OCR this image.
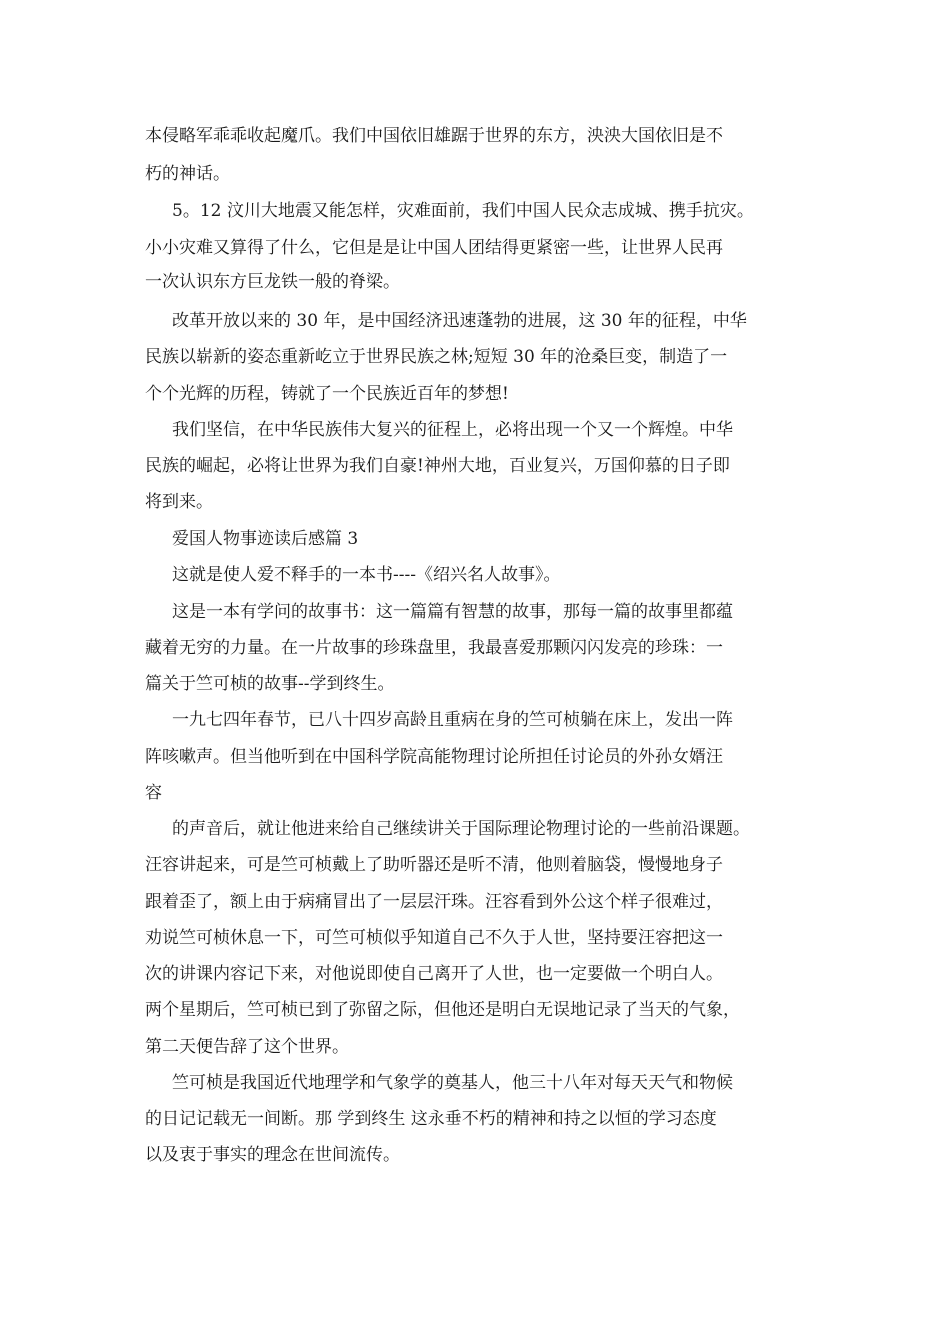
本侵略军乖乖收起魔爪。我们中国依旧雄踞于世界的东方，泱泱大国依旧是不
朽的神话。
5。12 汶川大地震又能怎样，灾难面前，我们中国人民众志成城、携手抗灾。
小小灾难又算得了什么，它但是是让中国人团结得更紧密一些，让世界人民再
一次认识东方巨龙铁一般的脊梁。
改革开放以来的 30 年，是中国经济迅速蓬勃的进展，这 30 年的征程，中华
民族以崭新的姿态重新屹立于世界民族之林;短短 30 年的沧桑巨变，制造了一
个个光辉的历程，铸就了一个民族近百年的梦想!
我们坚信，在中华民族伟大复兴的征程上，必将出现一个又一个辉煌。中华
民族的崛起，必将让世界为我们自豪!神州大地，百业复兴，万国仰慕的日子即
将到来。
爱国人物事迹读后感篇 3
这就是使人爱不释手的一本书----《绍兴名人故事》。
这是一本有学问的故事书：这一篇篇有智慧的故事，那每一篇的故事里都蕴
藏着无穷的力量。在一片故事的珍珠盘里，我最喜爱那颗闪闪发亮的珍珠：一
篇关于竺可桢的故事--学到终生。
一九七四年春节，已八十四岁高龄且重病在身的竺可桢躺在床上，发出一阵
阵咳嗽声。但当他听到在中国科学院高能物理讨论所担任讨论员的外孙女婿汪
容
的声音后，就让他进来给自己继续讲关于国际理论物理讨论的一些前沿课题。
汪容讲起来，可是竺可桢戴上了助听器还是听不清，他则着脑袋，慢慢地身子
跟着歪了，额上由于病痛冒出了一层层汗珠。汪容看到外公这个样子很难过，
劝说竺可桢休息一下，可竺可桢似乎知道自己不久于人世，坚持要汪容把这一
次的讲课内容记下来，对他说即使自己离开了人世，也一定要做一个明白人。
两个星期后，竺可桢已到了弥留之际，但他还是明白无误地记录了当天的气象，
第二天便告辞了这个世界。
竺可桢是我国近代地理学和气象学的奠基人，他三十八年对每天天气和物候
的日记记载无一间断。那 学到终生 这永垂不朽的精神和持之以恒的学习态度
以及衷于事实的理念在世间流传。
